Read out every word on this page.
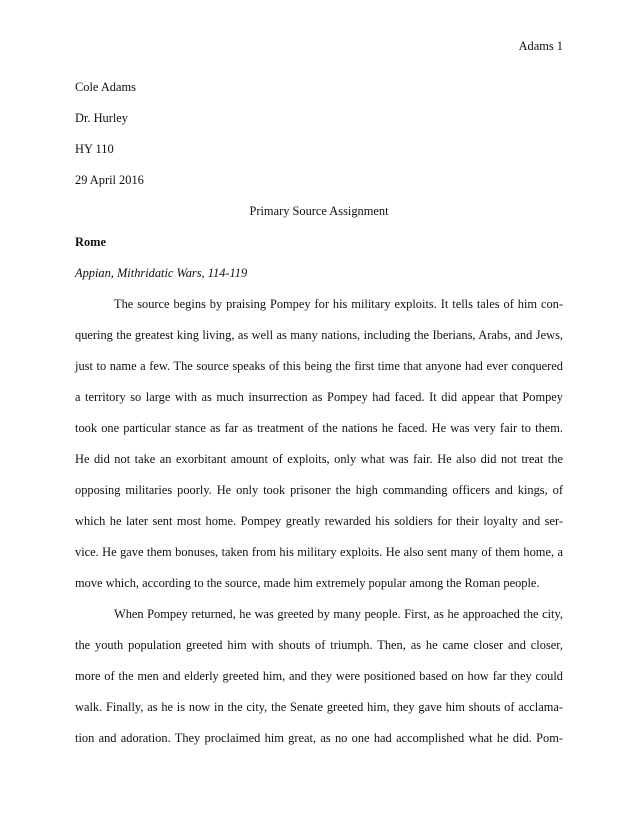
Adams 1
Cole Adams
Dr. Hurley
HY 110
29 April 2016
Primary Source Assignment
Rome
Appian, Mithridatic Wars, 114-119
The source begins by praising Pompey for his military exploits. It tells tales of him con-
quering the greatest king living, as well as many nations, including the Iberians, Arabs, and Jews,
just to name a few. The source speaks of this being the first time that anyone had ever conquered
a territory so large with as much insurrection as Pompey had faced. It did appear that Pompey
took one particular stance as far as treatment of the nations he faced. He was very fair to them.
He did not take an exorbitant amount of exploits, only what was fair. He also did not treat the
opposing militaries poorly. He only took prisoner the high commanding officers and kings, of
which he later sent most home. Pompey greatly rewarded his soldiers for their loyalty and ser-
vice. He gave them bonuses, taken from his military exploits. He also sent many of them home, a
move which, according to the source, made him extremely popular among the Roman people.
When Pompey returned, he was greeted by many people. First, as he approached the city,
the youth population greeted him with shouts of triumph. Then, as he came closer and closer,
more of the men and elderly greeted him, and they were positioned based on how far they could
walk. Finally, as he is now in the city, the Senate greeted him, they gave him shouts of acclama-
tion and adoration. They proclaimed him great, as no one had accomplished what he did. Pom-
